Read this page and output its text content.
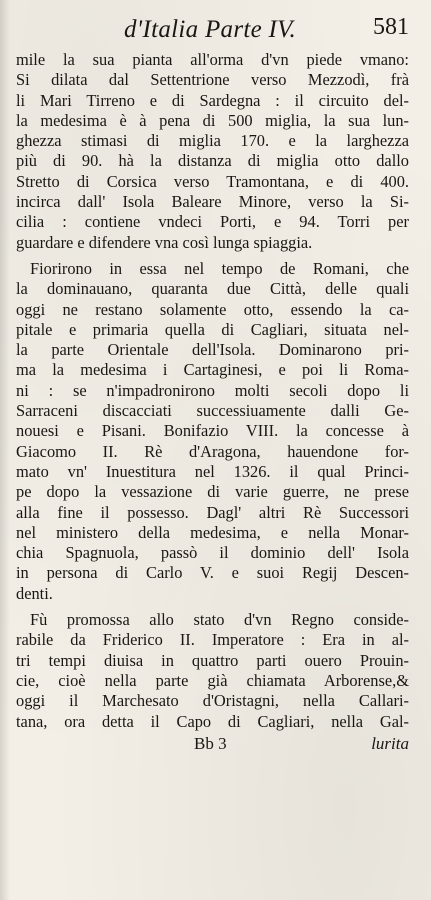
d'Italia Parte IV.	581
mile la sua pianta all'orma d'vn piede vmano:
Si dilata dal Settentrione verso Mezzodì, frà
li Mari Tirreno e di Sardegna : il circuito del-
la medesima è à pena di 500 miglia, la sua lun-
ghezza stimasi di miglia 170. e la larghezza
più di 90. hà la distanza di miglia otto dallo
Stretto di Corsica verso Tramontana, e di 400.
incirca dall' Isola Baleare Minore, verso la Si-
cilia : contiene vndeci Porti, e 94. Torri per
guardare e difendere vna così lunga spiaggia.
Fiorirono in essa nel tempo de Romani, che
la dominauano, quaranta due Città, delle quali
oggi ne restano solamente otto, essendo la ca-
pitale e primaria quella di Cagliari, situata nel-
la parte Orientale dell'Isola. Dominarono pri-
ma la medesima i Cartaginesi, e poi li Roma-
ni : se n'impadronirono molti secoli dopo li
Sarraceni discacciati successiuamente dalli Ge-
nouesi e Pisani. Bonifazio VIII. la concesse à
Giacomo II. Rè d'Aragona, hauendone for-
mato vn' Inuestitura nel 1326. il qual Princi-
pe dopo la vessazione di varie guerre, ne prese
alla fine il possesso. Dagl' altri Rè Successori
nel ministero della medesima, e nella Monar-
chia Spagnuola, passò il dominio dell' Isola
in persona di Carlo V. e suoi Regij Descen-
denti.
Fù promossa allo stato d'vn Regno conside-
rabile da Friderico II. Imperatore : Era in al-
tri tempi diuisa in quattro parti ouero Prouin-
cie, cioè nella parte già chiamata Arborense,&
oggi il Marchesato d'Oristagni, nella Callari-
tana, ora detta il Capo di Cagliari, nella Gal-
Bb 3	lurita
